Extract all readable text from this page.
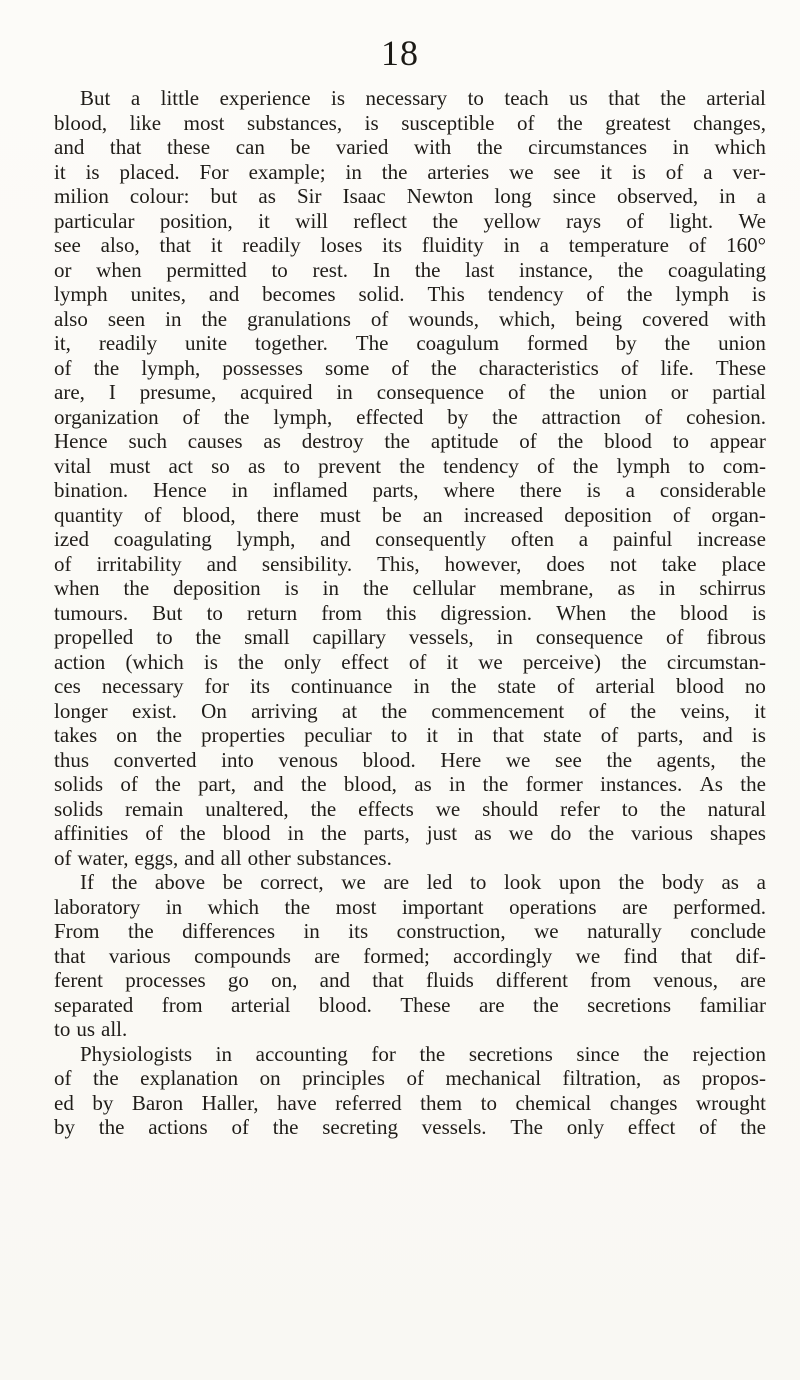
18
But a little experience is necessary to teach us that the arterial
blood, like most substances, is susceptible of the greatest changes,
and that these can be varied with the circumstances in which
it is placed. For example; in the arteries we see it is of a ver-
milion colour: but as Sir Isaac Newton long since observed, in a
particular position, it will reflect the yellow rays of light. We
see also, that it readily loses its fluidity in a temperature of 160°
or when permitted to rest. In the last instance, the coagulating
lymph unites, and becomes solid. This tendency of the lymph is
also seen in the granulations of wounds, which, being covered with
it, readily unite together. The coagulum formed by the union
of the lymph, possesses some of the characteristics of life. These
are, I presume, acquired in consequence of the union or partial
organization of the lymph, effected by the attraction of cohesion.
Hence such causes as destroy the aptitude of the blood to appear
vital must act so as to prevent the tendency of the lymph to com-
bination. Hence in inflamed parts, where there is a considerable
quantity of blood, there must be an increased deposition of organ-
ized coagulating lymph, and consequently often a painful increase
of irritability and sensibility. This, however, does not take place
when the deposition is in the cellular membrane, as in schirrus
tumours. But to return from this digression. When the blood is
propelled to the small capillary vessels, in consequence of fibrous
action (which is the only effect of it we perceive) the circumstan-
ces necessary for its continuance in the state of arterial blood no
longer exist. On arriving at the commencement of the veins, it
takes on the properties peculiar to it in that state of parts, and is
thus converted into venous blood. Here we see the agents, the
solids of the part, and the blood, as in the former instances. As the
solids remain unaltered, the effects we should refer to the natural
affinities of the blood in the parts, just as we do the various shapes
of water, eggs, and all other substances.
If the above be correct, we are led to look upon the body as a
laboratory in which the most important operations are performed.
From the differences in its construction, we naturally conclude
that various compounds are formed; accordingly we find that dif-
ferent processes go on, and that fluids different from venous, are
separated from arterial blood. These are the secretions familiar
to us all.
Physiologists in accounting for the secretions since the rejection
of the explanation on principles of mechanical filtration, as propos-
ed by Baron Haller, have referred them to chemical changes wrought
by the actions of the secreting vessels. The only effect of the
